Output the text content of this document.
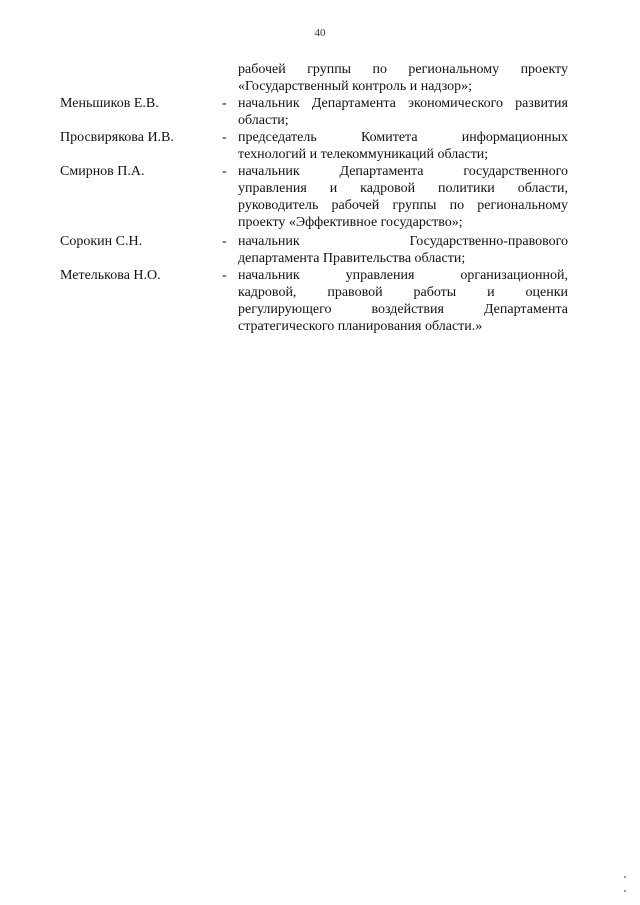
40
рабочей группы по региональному проекту
«Государственный контроль и надзор»;
Меньшиков Е.В.	- начальник Департамента экономического развития
области;
Просвирякова И.В.	- председатель Комитета информационных
технологий и телекоммуникаций области;
Смирнов П.А.	- начальник Департамента государственного
управления и кадровой политики области,
руководитель рабочей группы по региональному
проекту «Эффективное государство»;
Сорокин С.Н.	- начальник Государственно-правового
департамента Правительства области;
Метелькова Н.О.	- начальник управления организационной,
кадровой, правовой работы и оценки
регулирующего воздействия Департамента
стратегического планирования области.»
